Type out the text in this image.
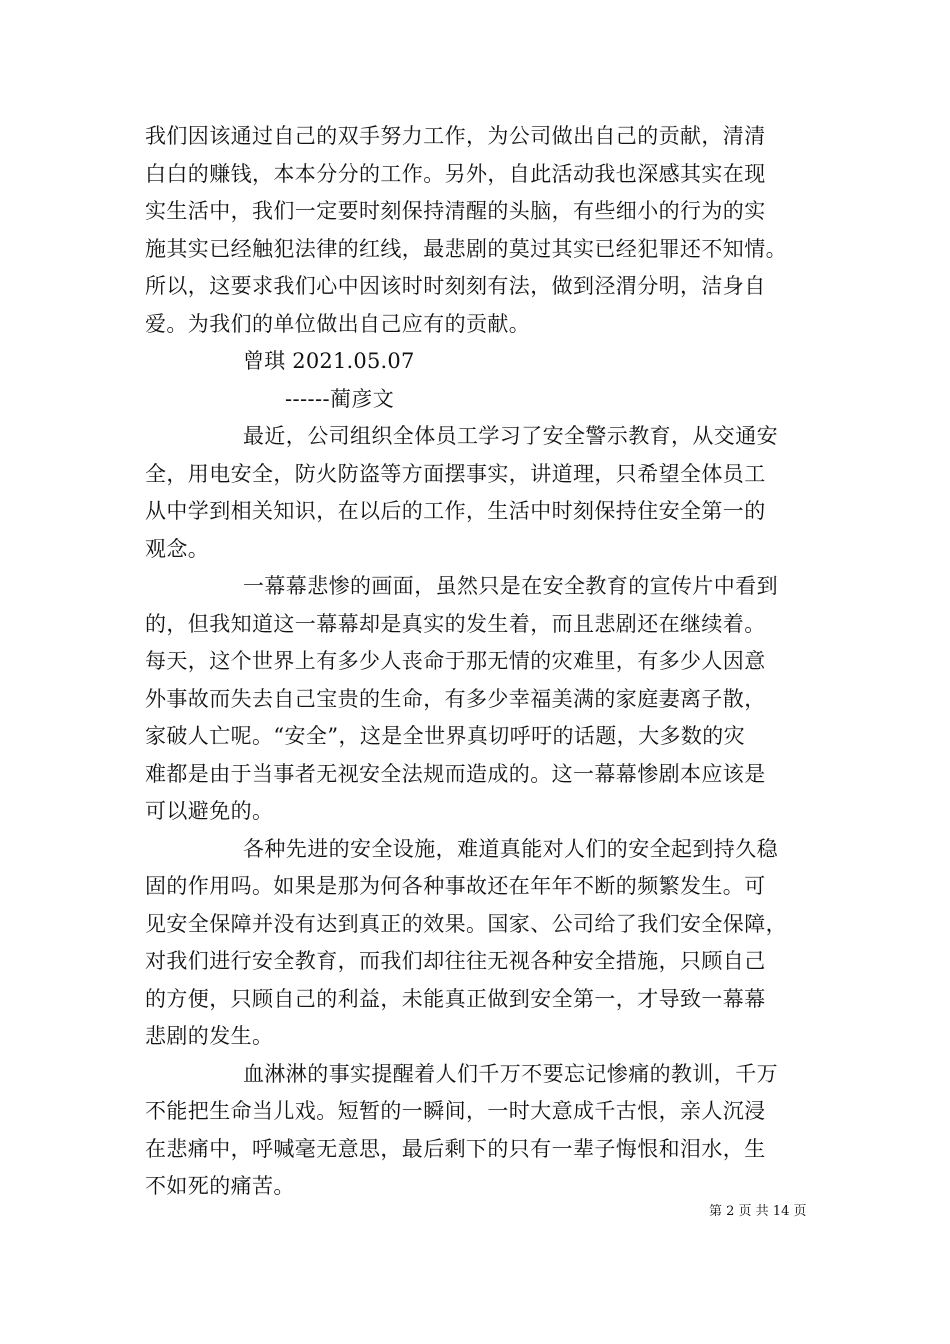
我们因该通过自己的双手努力工作，为公司做出自己的贡献，清清
白白的赚钱，本本分分的工作。另外，自此活动我也深感其实在现
实生活中，我们一定要时刻保持清醒的头脑，有些细小的行为的实
施其实已经触犯法律的红线，最悲剧的莫过其实已经犯罪还不知情。
所以，这要求我们心中因该时时刻刻有法，做到泾渭分明，洁身自
爱。为我们的单位做出自己应有的贡献。
曾琪 2021.05.07
------蔺彦文
最近，公司组织全体员工学习了安全警示教育，从交通安
全，用电安全，防火防盗等方面摆事实，讲道理，只希望全体员工
从中学到相关知识，在以后的工作，生活中时刻保持住安全第一的
观念。
一幕幕悲惨的画面，虽然只是在安全教育的宣传片中看到
的，但我知道这一幕幕却是真实的发生着，而且悲剧还在继续着。
每天，这个世界上有多少人丧命于那无情的灾难里，有多少人因意
外事故而失去自己宝贵的生命，有多少幸福美满的家庭妻离子散，
家破人亡呢。“安全”，这是全世界真切呼吁的话题，大多数的灾
难都是由于当事者无视安全法规而造成的。这一幕幕惨剧本应该是
可以避免的。
各种先进的安全设施，难道真能对人们的安全起到持久稳
固的作用吗。如果是那为何各种事故还在年年不断的频繁发生。可
见安全保障并没有达到真正的效果。国家、公司给了我们安全保障，
对我们进行安全教育，而我们却往往无视各种安全措施，只顾自己
的方便，只顾自己的利益，未能真正做到安全第一，才导致一幕幕
悲剧的发生。
血淋淋的事实提醒着人们千万不要忘记惨痛的教训，千万
不能把生命当儿戏。短暂的一瞬间，一时大意成千古恨，亲人沉浸
在悲痛中，呼喊毫无意思，最后剩下的只有一辈子悔恨和泪水，生
不如死的痛苦。
第 2 页 共 14 页
